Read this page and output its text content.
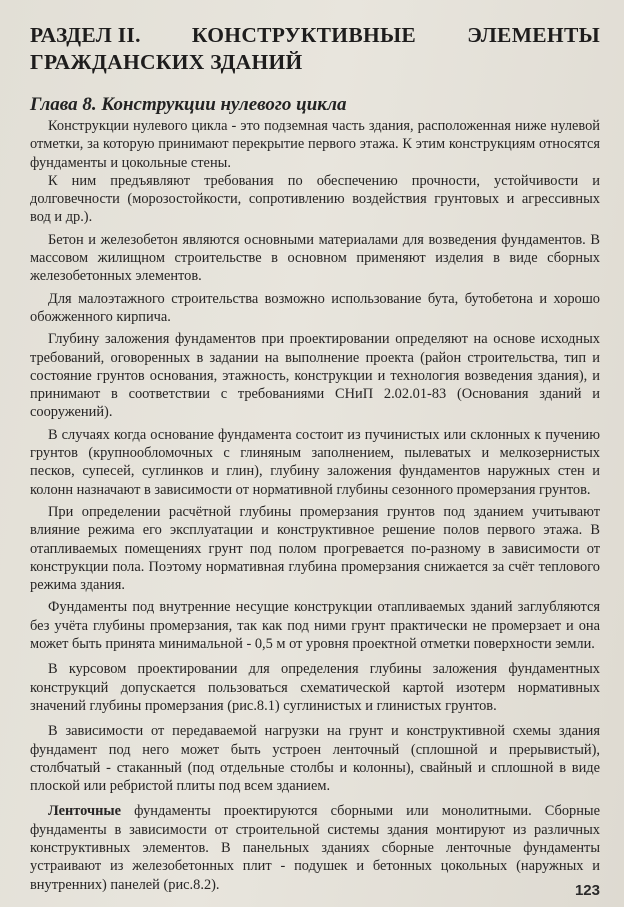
РАЗДЕЛ II. КОНСТРУКТИВНЫЕ ЭЛЕМЕНТЫ
ГРАЖДАНСКИХ ЗДАНИЙ
Глава 8. Конструкции нулевого цикла

Конструкции нулевого цикла - это подземная часть здания, расположенная ниже нулевой отметки, за которую принимают перекрытие первого этажа. К этим конструкциям относятся фундаменты и цокольные стены.

К ним предъявляют требования по обеспечению прочности, устойчивости и долговечности (морозостойкости, сопротивлению воздействия грунтовых и агрессивных вод и др.).

Бетон и железобетон являются основными материалами для возведения фундаментов. В массовом жилищном строительстве в основном применяют изделия в виде сборных железобетонных элементов.

Для малоэтажного строительства возможно использование бута, бутобетона и хорошо обожженного кирпича.

Глубину заложения фундаментов при проектировании определяют на основе исходных требований, оговоренных в задании на выполнение проекта (район строительства, тип и состояние грунтов основания, этажность, конструкции и технология возведения здания), и принимают в соответствии с требованиями СНиП 2.02.01-83 (Основания зданий и сооружений).

В случаях когда основание фундамента состоит из пучинистых или склонных к пучению грунтов (крупнообломочных с глиняным заполнением, пылеватых и мелкозернистых песков, супесей, суглинков и глин), глубину заложения фундаментов наружных стен и колонн назначают в зависимости от нормативной глубины сезонного промерзания грунтов.

При определении расчётной глубины промерзания грунтов под зданием учитывают влияние режима его эксплуатации и конструктивное решение полов первого этажа. В отапливаемых помещениях грунт под полом прогревается по-разному в зависимости от конструкции пола. Поэтому нормативная глубина промерзания снижается за счёт теплового режима здания.

Фундаменты под внутренние несущие конструкции отапливаемых зданий заглубляются без учёта глубины промерзания, так как под ними грунт практически не промерзает и она может быть принята минимальной - 0,5 м от уровня проектной отметки поверхности земли.

В курсовом проектировании для определения глубины заложения фундаментных конструкций допускается пользоваться схематической картой изотерм нормативных значений глубины промерзания (рис.8.1) суглинистых и глинистых грунтов.

В зависимости от передаваемой нагрузки на грунт и конструктивной схемы здания фундамент под него может быть устроен ленточный (сплошной и прерывистый), столбчатый - стаканный (под отдельные столбы и колонны), свайный и сплошной в виде плоской или ребристой плиты под всем зданием.

Ленточные фундаменты проектируются сборными или монолитными. Сборные фундаменты в зависимости от строительной системы здания монтируют из различных конструктивных элементов. В панельных зданиях сборные ленточные фундаменты устраивают из железобетонных плит - подушек и бетонных цокольных (наружных и внутренних) панелей (рис.8.2).	123
